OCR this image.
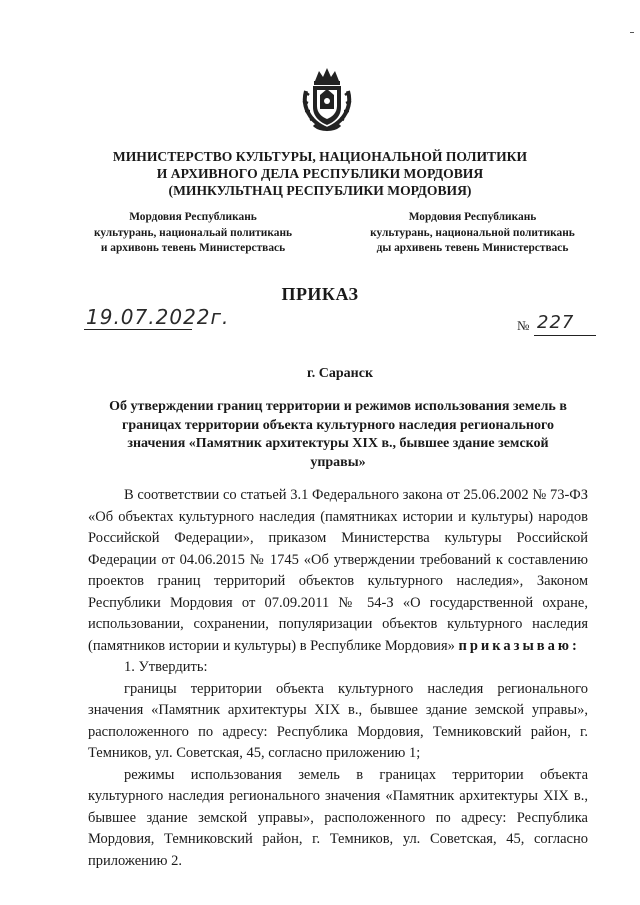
МИНИСТЕРСТВО КУЛЬТУРЫ, НАЦИОНАЛЬНОЙ ПОЛИТИКИ
И АРХИВНОГО ДЕЛА РЕСПУБЛИКИ МОРДОВИЯ
(МИНКУЛЬТНАЦ РЕСПУБЛИКИ МОРДОВИЯ)
Мордовия Республикань
культурань, национальай политикань
и архивонь тевень Министерствась
Мордовия Республикань
культурань, национальной политикань
ды архивень тевень Министерствась
ПРИКАЗ
19.07.2022г.	№ 227
г. Саранск
Об утверждении границ территории и режимов использования земель в
границах территории объекта культурного наследия регионального
значения «Памятник архитектуры XIX в., бывшее здание земской
управы»

В соответствии со статьей 3.1 Федерального закона от 25.06.2002 № 73-ФЗ «Об объектах культурного наследия (памятниках истории и культуры) народов Российской Федерации», приказом Министерства культуры Российской Федерации от 04.06.2015 № 1745 «Об утверждении требований к составлению проектов границ территорий объектов культурного наследия», Законом Республики Мордовия от 07.09.2011 № 54-З «О государственной охране, использовании, сохранении, популяризации объектов культурного наследия (памятников истории и культуры) в Республике Мордовия» приказываю:

1. Утвердить:

границы территории объекта культурного наследия регионального значения «Памятник архитектуры XIX в., бывшее здание земской управы», расположенного по адресу: Республика Мордовия, Темниковский район, г. Темников, ул. Советская, 45, согласно приложению 1;

режимы использования земель в границах территории объекта культурного наследия регионального значения «Памятник архитектуры XIX в., бывшее здание земской управы», расположенного по адресу: Республика Мордовия, Темниковский район, г. Темников, ул. Советская, 45, согласно приложению 2.
